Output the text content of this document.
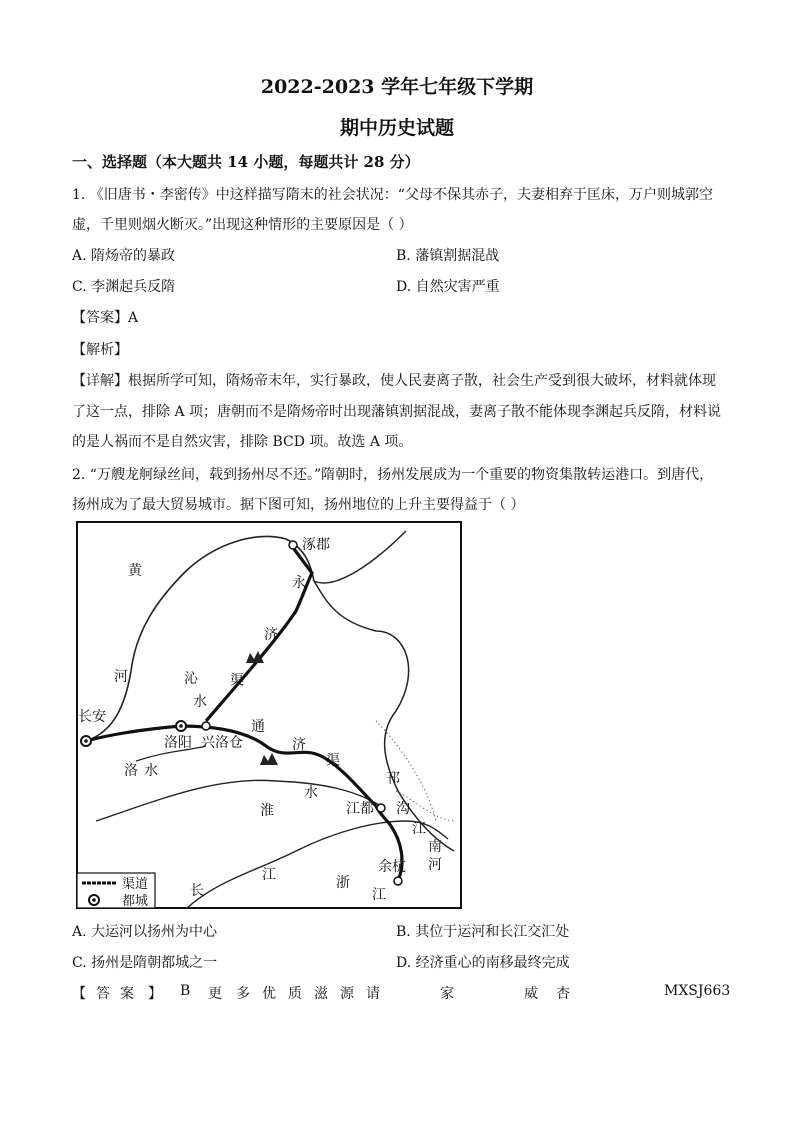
2022-2023 学年七年级下学期
期中历史试题
一、选择题（本大题共 14 小题，每题共计 28 分）
1. 《旧唐书・李密传》中这样描写隋末的社会状况：“父母不保其赤子，夫妻相弃于匡床，万户则城郭空
虚，千里则烟火断灭。”出现这种情形的主要原因是（ ）
A. 隋炀帝的暴政	B. 藩镇割据混战
C. 李渊起兵反隋	D. 自然灾害严重
【答案】A
【解析】
【详解】根据所学可知，隋炀帝末年，实行暴政，使人民妻离子散，社会生产受到很大破坏，材料就体现
了这一点，排除 A 项；唐朝而不是隋炀帝时出现藩镇割据混战，妻离子散不能体现李渊起兵反隋，材料说
的是人祸而不是自然灾害，排除 BCD 项。故选 A 项。
2. “万艘龙舸绿丝间，载到扬州尽不还。”隋朝时，扬州发展成为一个重要的物资集散转运港口。到唐代，
扬州成为了最大贸易城市。据下图可知，扬州地位的上升主要得益于（ ）
涿郡
永
济
黄
河	沁
水
渠
长安
洛阳 兴洛仓
通
济
渠
洛 水
淮
水
邗
沟
江都
江
南
河
余杭
长
江	浙
江
渠道
都城
A. 大运河以扬州为中心	B. 其位于运河和长江交汇处
C. 扬州是隋朝都城之一	D. 经济重心的南移最终完成
【 答 案 】 B 更 多 优 质 滋 源 请	家	威 杏	MXSJ663
